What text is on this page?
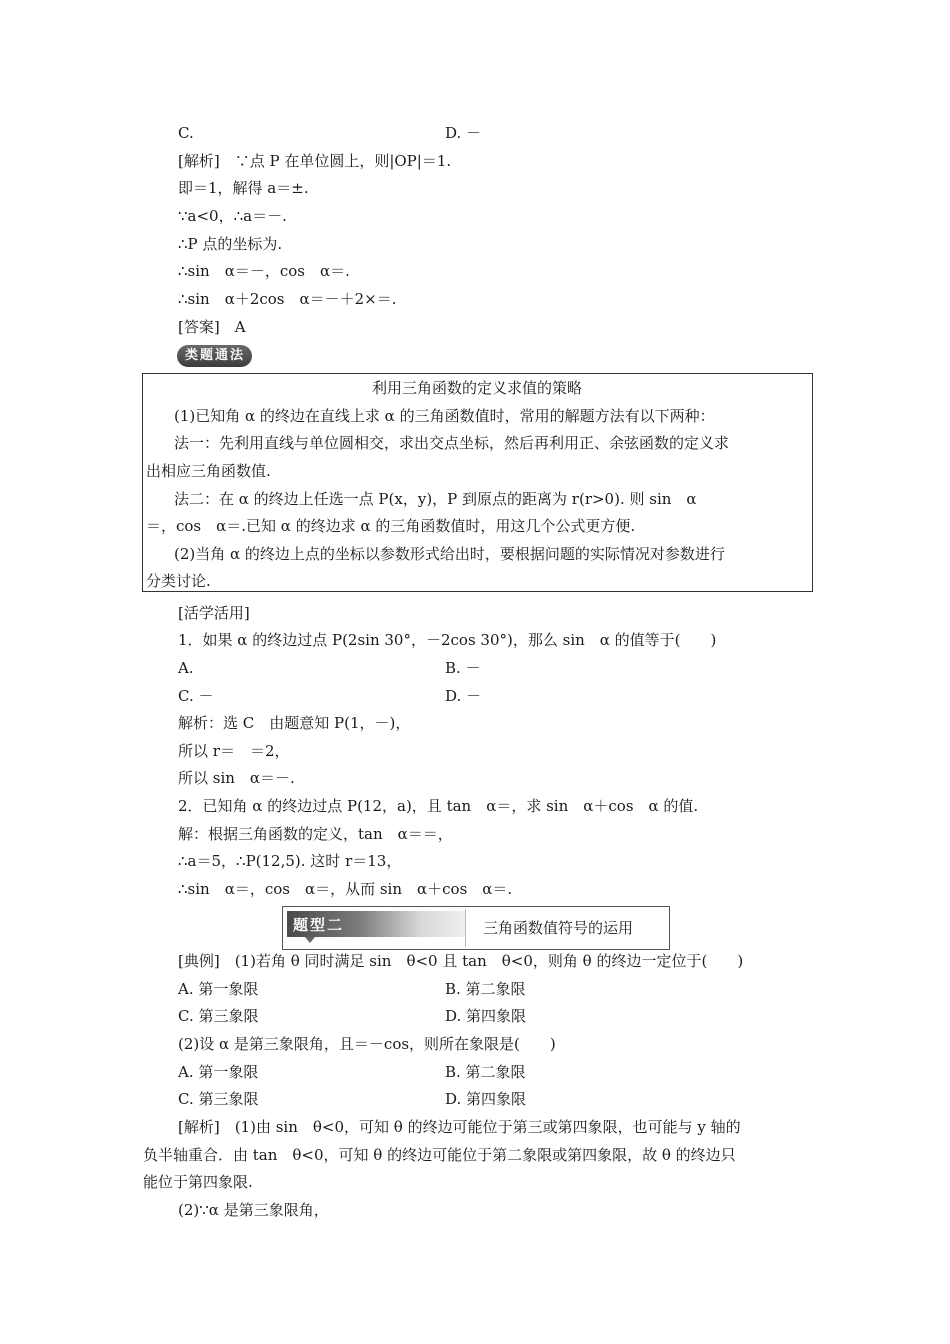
C.	D. －
[解析]　∵点 P 在单位圆上，则|OP|＝1.
即＝1，解得 a＝±.
∵a<0，∴a＝－.
∴P 点的坐标为.
∴sin　α＝－，cos　α＝.
∴sin　α＋2cos　α＝－＋2×＝.
[答案]　A
类题通法
利用三角函数的定义求值的策略
(1)已知角 α 的终边在直线上求 α 的三角函数值时，常用的解题方法有以下两种：
法一：先利用直线与单位圆相交，求出交点坐标，然后再利用正、余弦函数的定义求
出相应三角函数值.
法二：在 α 的终边上任选一点 P(x，y)，P 到原点的距离为 r(r>0). 则 sin　α
＝，cos　α＝.已知 α 的终边求 α 的三角函数值时，用这几个公式更方便.
(2)当角 α 的终边上点的坐标以参数形式给出时，要根据问题的实际情况对参数进行
分类讨论.
[活学活用]
1．如果 α 的终边过点 P(2sin 30°，－2cos 30°)，那么 sin　α 的值等于(　　)
A.	B. －
C. －	D. －
解析：选 C　由题意知 P(1，－)，
所以 r＝　＝2，
所以 sin　α＝－.
2．已知角 α 的终边过点 P(12，a)，且 tan　α＝，求 sin　α＋cos　α 的值.
解：根据三角函数的定义，tan　α＝＝，
∴a＝5，∴P(12,5). 这时 r＝13，
∴sin　α＝，cos　α＝，从而 sin　α＋cos　α＝.
题型二	三角函数值符号的运用
[典例]　(1)若角 θ 同时满足 sin　θ<0 且 tan　θ<0，则角 θ 的终边一定位于(　　)
A. 第一象限	B. 第二象限
C. 第三象限	D. 第四象限
(2)设 α 是第三象限角，且＝－cos，则所在象限是(　　)
A. 第一象限	B. 第二象限
C. 第三象限	D. 第四象限
[解析]　(1)由 sin　θ<0，可知 θ 的终边可能位于第三或第四象限，也可能与 y 轴的
负半轴重合．由 tan　θ<0，可知 θ 的终边可能位于第二象限或第四象限，故 θ 的终边只
能位于第四象限.
(2)∵α 是第三象限角，
